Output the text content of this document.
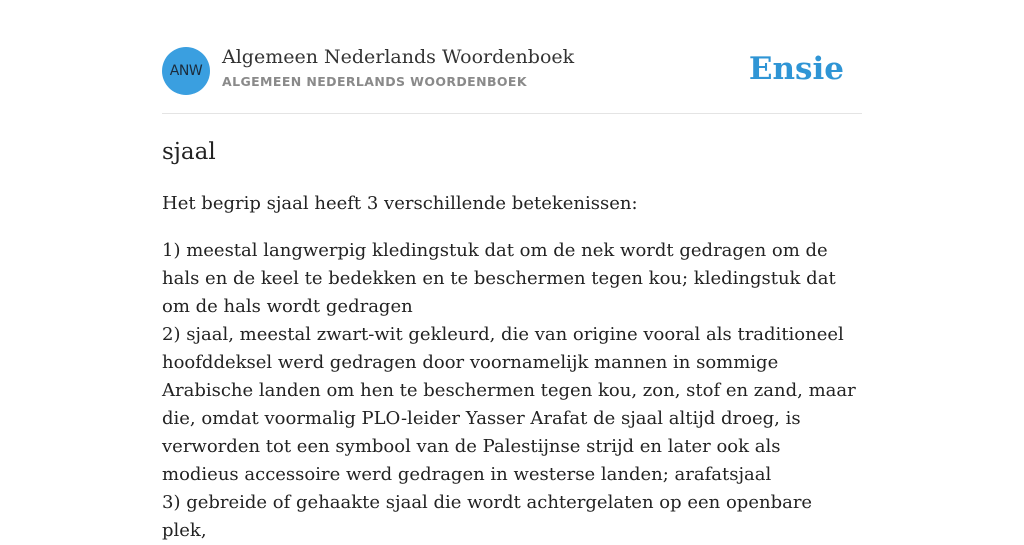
ANW
Algemeen Nederlands Woordenboek
ALGEMEEN NEDERLANDS WOORDENBOEK	Ensie
sjaal

Het begrip sjaal heeft 3 verschillende betekenissen:

1) meestal langwerpig kledingstuk dat om de nek wordt gedragen om de hals en de keel te bedekken en te beschermen tegen kou; kledingstuk dat om de hals wordt gedragen
2) sjaal, meestal zwart-wit gekleurd, die van origine vooral als traditioneel hoofddeksel werd gedragen door voornamelijk mannen in sommige Arabische landen om hen te beschermen tegen kou, zon, stof en zand, maar die, omdat voormalig PLO-leider Yasser Arafat de sjaal altijd droeg, is verworden tot een symbool van de Palestijnse strijd en later ook als modieus accessoire werd gedragen in westerse landen; arafatsjaal
3) gebreide of gehaakte sjaal die wordt achtergelaten op een openbare plek,
